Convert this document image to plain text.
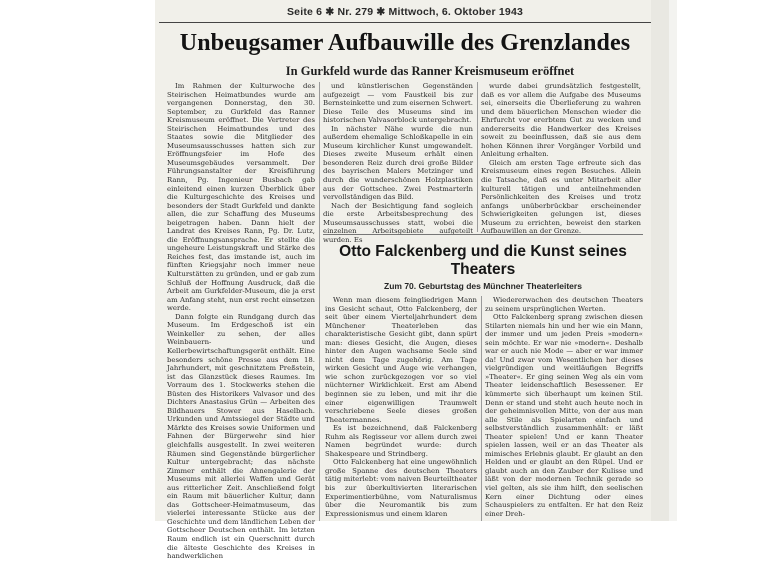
Seite 6 ✱ Nr. 279 ✱ Mittwoch, 6. Oktober 1943
Unbeugsamer Aufbauwille des Grenzlandes
In Gurkfeld wurde das Ranner Kreismuseum eröffnet

Im Rahmen der Kulturwoche des Steirischen Heimatbundes wurde am vergangenen Donnerstag, den 30. September, zu Gurkfeld das Ranner Kreismuseum eröffnet. Die Vertreter des Steirischen Heimatbundes und des Staates sowie die Mitglieder des Museumsausschusses hatten sich zur Eröffnungsfeier im Hofe des Museumsgebäudes versammelt. Der Führungsanstalter der Kreisführung Rann, Pg. Ingenieur Busbach gab einleitend einen kurzen Überblick über die Kulturgeschichte des Kreises und besonders der Stadt Gurkfeld und dankte allen, die zur Schaffung des Museums beigetragen haben. Dann hielt der Landrat des Kreises Rann, Pg. Dr. Lutz, die Eröffnungsansprache. Er stellte die ungeheure Leistungskraft und Stärke des Reiches fest, das imstande ist, auch im fünften Kriegsjahr noch immer neue Kulturstätten zu gründen, und er gab zum Schluß der Hoffnung Ausdruck, daß die Arbeit am Gurkfelder-Museum, die ja erst am Anfang steht, nun erst recht einsetzen werde.

Dann folgte ein Rundgang durch das Museum. Im Erdgeschoß ist ein Weinkeller zu sehen, der alles Weinbauern- und Kellerbewirtschaftungsgerät enthält. Eine besonders schöne Presse aus dem 18. Jahrhundert, mit geschnitztem Preßstein, ist das Glanzstück dieses Raumes. Im Vorraum des 1. Stockwerks stehen die Büsten des Historikers Valvasor und des Dichters Anastasius Grün — Arbeiten des Bildhauers Stower aus Haselbach. Urkunden und Amtssiegel der Städte und Märkte des Kreises sowie Uniformen und Fahnen der Bürgerwehr sind hier gleichfalls ausgestellt. In zwei weiteren Räumen sind Gegenstände bürgerlicher Kultur untergebracht; das nächste Zimmer enthält die Ahnengalerie der Museums mit allerlei Waffen und Gerät aus ritterlicher Zeit. Anschließend folgt ein Raum mit bäuerlicher Kultur, dann das Gottscheer-Heimatmuseum, das vielerlei interessante Stücke aus der Geschichte und dem ländlichen Leben der Gottscheer Deutschen enthält. Im letzten Raum endlich ist ein Querschnitt durch die älteste Geschichte des Kreises in handwerklichen

und künstlerischen Gegenständen aufgezeigt — vom Faustkeil bis zur Bernsteinkette und zum eisernen Schwert. Diese Teile des Museums sind im historischen Valvasorblock untergebracht.

In nächster Nähe wurde die nun außerdem ehemalige Schloßkapelle in ein Museum kirchlicher Kunst umgewandelt. Dieses zweite Museum erhält einen besonderen Reiz durch drei große Bilder des bayrischen Malers Metzinger und durch die wunderschönen Holzplastiken aus der Gottschee. Zwei Pestmarterln vervollständigen das Bild.

Nach der Besichtigung fand sogleich die erste Arbeitsbesprechung des Museumsausschusses statt, wobei die einzelnen Arbeitsgebiete aufgeteilt wurden. Es

wurde dabei grundsätzlich festgestellt, daß es vor allem die Aufgabe des Museums sei, einerseits die Überlieferung zu wahren und dem bäuerlichen Menschen wieder die Ehrfurcht vor ererbtem Gut zu wecken und andererseits die Handwerker des Kreises soweit zu beeinflussen, daß sie aus dem hohen Können ihrer Vorgänger Vorbild und Anleitung erhalten.

Gleich am ersten Tage erfreute sich das Kreismuseum eines regen Besuches. Allein die Tatsache, daß es unter Mitarbeit aller kulturell tätigen und anteilnehmenden Persönlichkeiten des Kreises und trotz anfangs unüberbrückbar erscheinender Schwierigkeiten gelungen ist, dieses Museum zu errichten, beweist den starken Aufbauwillen an der Grenze.

Otto Falckenberg und die Kunst seines Theaters
Zum 70. Geburtstag des Münchner Theaterleiters

Wenn man diesem feingliedrigen Mann ins Gesicht schaut, Otto Falckenberg, der seit über einem Vierteljahrhundert dem Münchener Theaterleben das charakteristische Gesicht gibt, dann spürt man: dieses Gesicht, die Augen, dieses hinter den Augen wachsame Seele sind nicht dem Tage zugehörig. Am Tage wirken Gesicht und Auge wie verhangen, wie schon zurückgezogen vor so viel nüchterner Wirklichkeit. Erst am Abend beginnen sie zu leben, und mit ihr die einer eigenwilligen Traumwelt verschriebene Seele dieses großen Theatermannes.

Es ist bezeichnend, daß Falckenberg Ruhm als Regisseur vor allem durch zwei Namen begründet wurde: durch Shakespeare und Strindberg.

Otto Falckenberg hat eine ungewöhnlich große Spanne des deutschen Theaters tätig miterlebt: vom naiven Beurteiltheater bis zur überkultivierten literarischen Experimentierbühne, vom Naturalismus über die Neuromantik bis zum Expressionismus und einem klaren

Wiedererwachen des deutschen Theaters zu seinem ursprünglichen Werten.

Otto Falckenberg sprang zwischen diesen Stilarten niemals hin und her wie ein Mann, der immer und um jeden Preis »modern« sein möchte. Er war nie »modern«. Deshalb war er auch nie Mode — aber er war immer da! Und zwar vom Wesentlichen her dieses vielgründigen und weitläufigen Begriffs »Theater«. Er ging seinen Weg als ein vom Theater leidenschaftlich Besessener. Er kümmerte sich überhaupt um keinen Stil. Denn er stand und steht auch heute noch in der geheimnisvollen Mitte, von der aus man alle Stile als Spielarten einfach und selbstverständlich zusammenhält: er läßt Theater spielen! Und er kann Theater spielen lassen, weil er an das Theater als mimisches Erlebnis glaubt. Er glaubt an den Helden und er glaubt an den Rüpel. Und er glaubt auch an den Zauber der Kulisse und läßt von der modernen Technik gerade so viel gelten, als sie ihm hilft, den seelischen Kern einer Dichtung oder eines Schauspielers zu entfalten. Er hat den Reiz einer Dreh-
